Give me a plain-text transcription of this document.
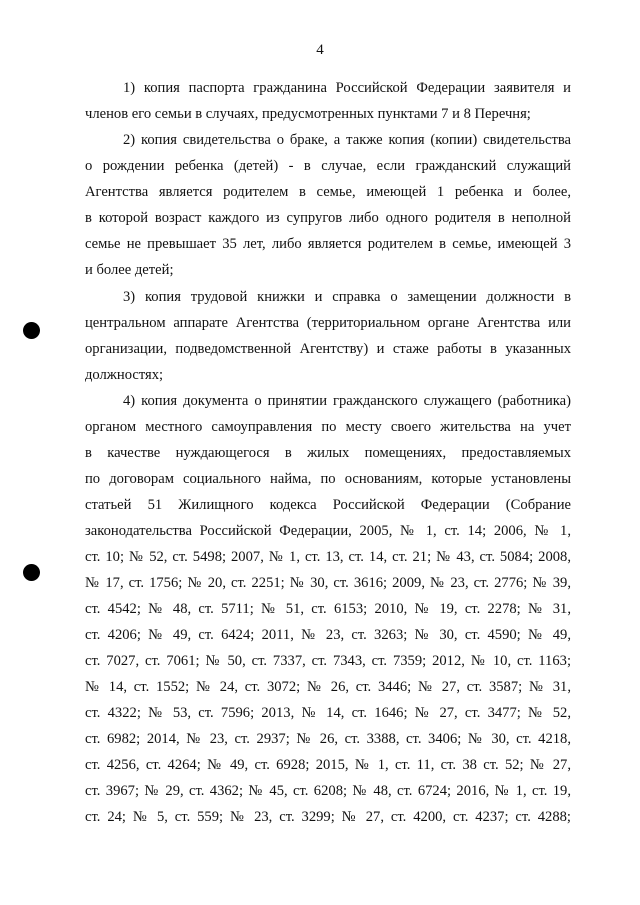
4
1) копия паспорта гражданина Российской Федерации заявителя и
членов его семьи в случаях, предусмотренных пунктами 7 и 8 Перечня;
2) копия свидетельства о браке, а также копия (копии) свидетельства
о рождении ребенка (детей) - в случае, если гражданский служащий
Агентства является родителем в семье, имеющей 1 ребенка и более,
в которой возраст каждого из супругов либо одного родителя в неполной
семье не превышает 35 лет, либо является родителем в семье, имеющей 3
и более детей;
3) копия трудовой книжки и справка о замещении должности в
центральном аппарате Агентства (территориальном органе Агентства или
организации, подведомственной Агентству) и стаже работы в указанных
должностях;
4) копия документа о принятии гражданского служащего (работника)
органом местного самоуправления по месту своего жительства на учет
в качестве нуждающегося в жилых помещениях, предоставляемых
по договорам социального найма, по основаниям, которые установлены
статьей 51 Жилищного кодекса Российской Федерации (Собрание
законодательства Российской Федерации, 2005, № 1, ст. 14; 2006, № 1,
ст. 10; № 52, ст. 5498; 2007, № 1, ст. 13, ст. 14, ст. 21; № 43, ст. 5084; 2008,
№ 17, ст. 1756; № 20, ст. 2251; № 30, ст. 3616; 2009, № 23, ст. 2776; № 39,
ст. 4542; № 48, ст. 5711; № 51, ст. 6153; 2010, № 19, ст. 2278; № 31,
ст. 4206; № 49, ст. 6424; 2011, № 23, ст. 3263; № 30, ст. 4590; № 49,
ст. 7027, ст. 7061; № 50, ст. 7337, ст. 7343, ст. 7359; 2012, № 10, ст. 1163;
№ 14, ст. 1552; № 24, ст. 3072; № 26, ст. 3446; № 27, ст. 3587; № 31,
ст. 4322; № 53, ст. 7596; 2013, № 14, ст. 1646; № 27, ст. 3477; № 52,
ст. 6982; 2014, № 23, ст. 2937; № 26, ст. 3388, ст. 3406; № 30, ст. 4218,
ст. 4256, ст. 4264; № 49, ст. 6928; 2015, № 1, ст. 11, ст. 38 ст. 52; № 27,
ст. 3967; № 29, ст. 4362; № 45, ст. 6208; № 48, ст. 6724; 2016, № 1, ст. 19,
ст. 24; № 5, ст. 559; № 23, ст. 3299; № 27, ст. 4200, ст. 4237; ст. 4288;
